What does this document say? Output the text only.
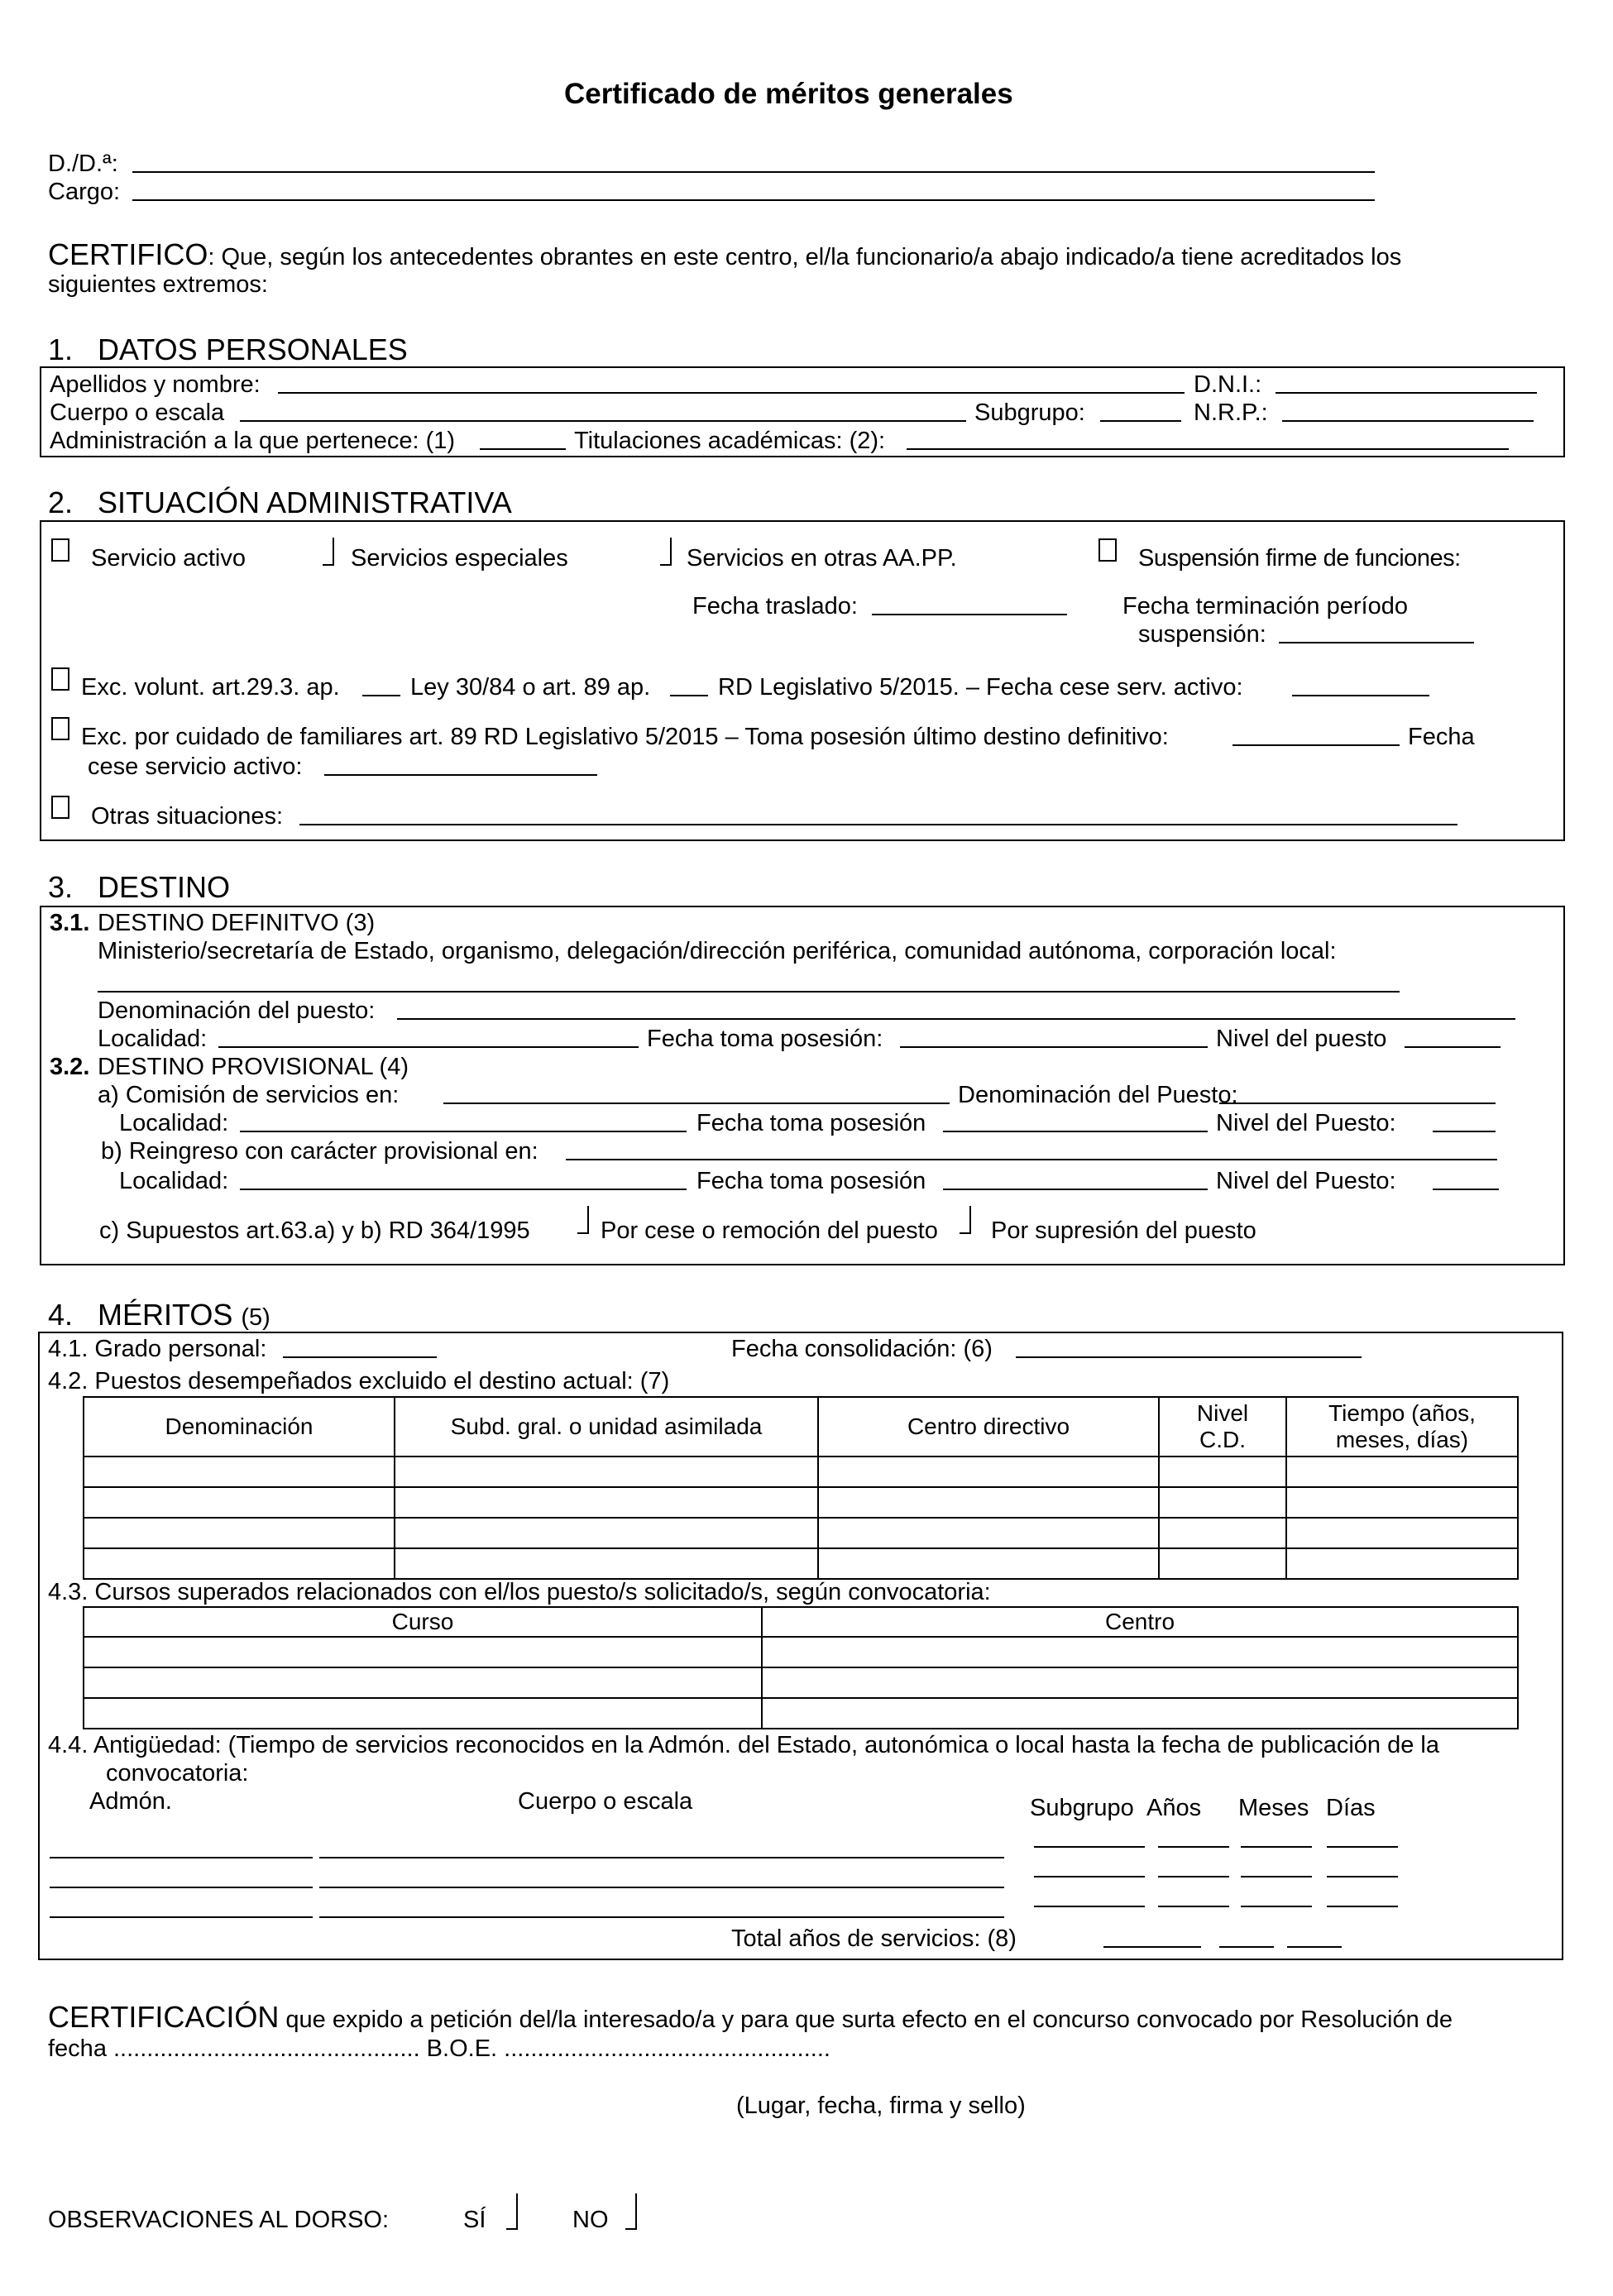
Certificado de méritos generales
D./D.ª:
Cargo:
CERTIFICO: Que, según los antecedentes obrantes en este centro, el/la funcionario/a abajo indicado/a tiene acreditados los
siguientes extremos:
1. DATOS PERSONALES
Apellidos y nombre:	D.N.I.:
Cuerpo o escala	Subgrupo:	N.R.P.:
Administración a la que pertenece: (1)	Titulaciones académicas: (2):
2. SITUACIÓN ADMINISTRATIVA
Servicio activo	Servicios especiales	Servicios en otras AA.PP.	Suspensión firme de funciones:
Fecha traslado:	Fecha terminación período
suspensión:
Exc. volunt. art.29.3. ap.	Ley 30/84 o art. 89 ap.	RD Legislativo 5/2015. – Fecha cese serv. activo:
Exc. por cuidado de familiares art. 89 RD Legislativo 5/2015 – Toma posesión último destino definitivo:	Fecha
cese servicio activo:
Otras situaciones:
3. DESTINO
3.1. DESTINO DEFINITVO (3)
Ministerio/secretaría de Estado, organismo, delegación/dirección periférica, comunidad autónoma, corporación local:
Denominación del puesto:
Localidad:	Fecha toma posesión:	Nivel del puesto
3.2. DESTINO PROVISIONAL (4)
a) Comisión de servicios en:	Denominación del Puesto:
Localidad:	Fecha toma posesión	Nivel del Puesto:
b) Reingreso con carácter provisional en:
Localidad:	Fecha toma posesión	Nivel del Puesto:
c) Supuestos art.63.a) y b) RD 364/1995	Por cese o remoción del puesto Por supresión del puesto
4. MÉRITOS (5)
4.1. Grado personal:	Fecha consolidación: (6)
4.2. Puestos desempeñados excluido el destino actual: (7)
Denominación	Subd. gral. o unidad asimilada	Centro directivo	Nivel C.D.	Tiempo (años, meses, días)

4.3. Cursos superados relacionados con el/los puesto/s solicitado/s, según convocatoria:
Curso	Centro

4.4. Antigüedad: (Tiempo de servicios reconocidos en la Admón. del Estado, autonómica o local hasta la fecha de publicación de la
convocatoria:
Admón.	Cuerpo o escala	Subgrupo Años Meses Días
Total años de servicios: (8)
CERTIFICACIÓN que expido a petición del/la interesado/a y para que surta efecto en el concurso convocado por Resolución de
fecha .............................................. B.O.E. .................................................
(Lugar, fecha, firma y sello)
OBSERVACIONES AL DORSO:	SÍ	NO
